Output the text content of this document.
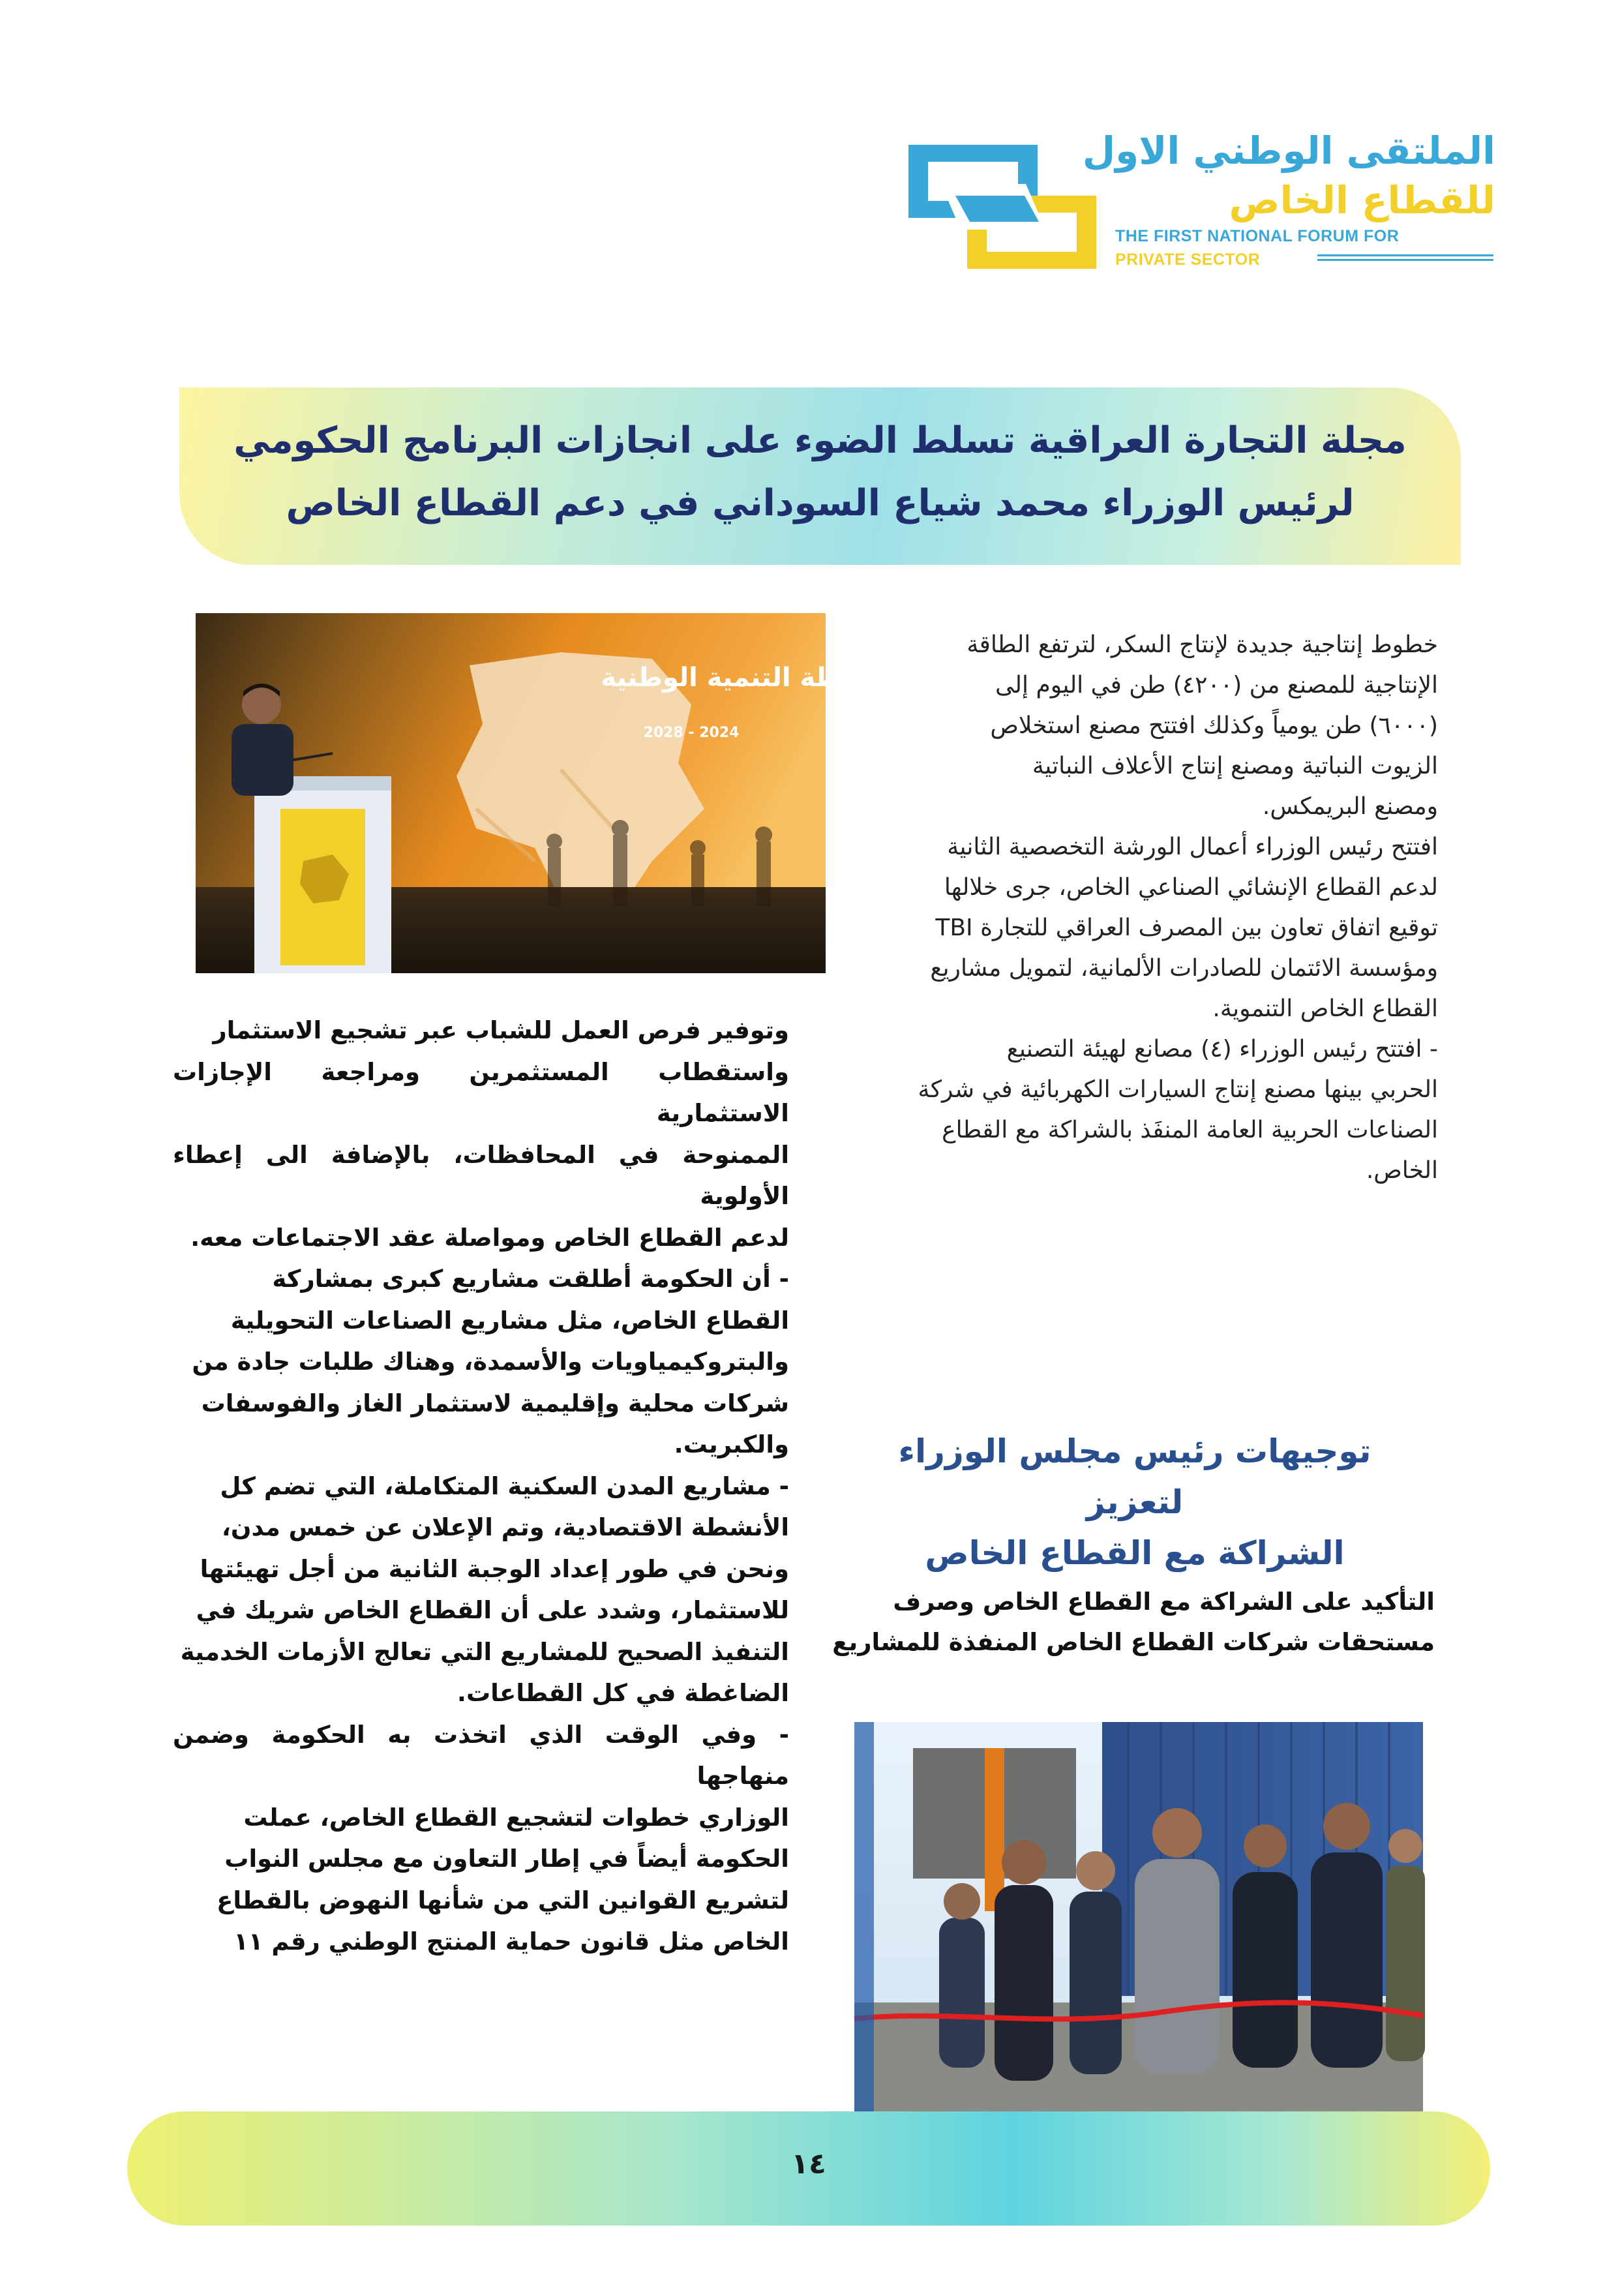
الملتقى الوطني الاول
للقطاع الخاص
THE FIRST NATIONAL FORUM FOR
PRIVATE SECTOR
مجلة التجارة العراقية تسلط الضوء على انجازات البرنامج الحكومي
لرئيس الوزراء محمد شياع السوداني في دعم القطاع الخاص
خطة التنمية الوطنية
2024 - 2028

خطوط إنتاجية جديدة لإنتاج السكر، لترتفع الطاقة

الإنتاجية للمصنع من (٤٢٠٠) طن في اليوم إلى

(٦٠٠٠) طن يومياً وكذلك افتتح مصنع استخلاص

الزيوت النباتية ومصنع إنتاج الأعلاف النباتية

ومصنع البريمكس.

افتتح رئيس الوزراء أعمال الورشة التخصصية الثانية

لدعم القطاع الإنشائي الصناعي الخاص، جرى خلالها

توقيع اتفاق تعاون بين المصرف العراقي للتجارة TBI

ومؤسسة الائتمان للصادرات الألمانية، لتمويل مشاريع

القطاع الخاص التنموية.

- افتتح رئيس الوزراء (٤) مصانع لهيئة التصنيع

الحربي بينها مصنع إنتاج السيارات الكهربائية في شركة

الصناعات الحربية العامة المنفَذ بالشراكة مع القطاع

الخاص.

توجيهات رئيس مجلس الوزراء لتعزيز
الشراكة مع القطاع الخاص
التأكيد على الشراكة مع القطاع الخاص وصرف
مستحقات شركات القطاع الخاص المنفذة للمشاريع

وتوفير فرص العمل للشباب عبر تشجيع الاستثمار

واستقطاب المستثمرين ومراجعة الإجازات الاستثمارية

الممنوحة في المحافظات، بالإضافة الى إعطاء الأولوية

لدعم القطاع الخاص ومواصلة عقد الاجتماعات معه.

- أن الحكومة أطلقت مشاريع كبرى بمشاركة

القطاع الخاص، مثل مشاريع الصناعات التحويلية

والبتروكيمياويات والأسمدة، وهناك طلبات جادة من

شركات محلية وإقليمية لاستثمار الغاز والفوسفات

والكبريت.

- مشاريع المدن السكنية المتكاملة، التي تضم كل

الأنشطة الاقتصادية، وتم الإعلان عن خمس مدن،

ونحن في طور إعداد الوجبة الثانية من أجل تهيئتها

للاستثمار، وشدد على أن القطاع الخاص شريك في

التنفيذ الصحيح للمشاريع التي تعالج الأزمات الخدمية

الضاغطة في كل القطاعات.

- وفي الوقت الذي اتخذت به الحكومة وضمن منهاجها

الوزاري خطوات لتشجيع القطاع الخاص، عملت

الحكومة أيضاً في إطار التعاون مع مجلس النواب

لتشريع القوانين التي من شأنها النهوض بالقطاع

الخاص مثل قانون حماية المنتج الوطني رقم ١١

١٤
